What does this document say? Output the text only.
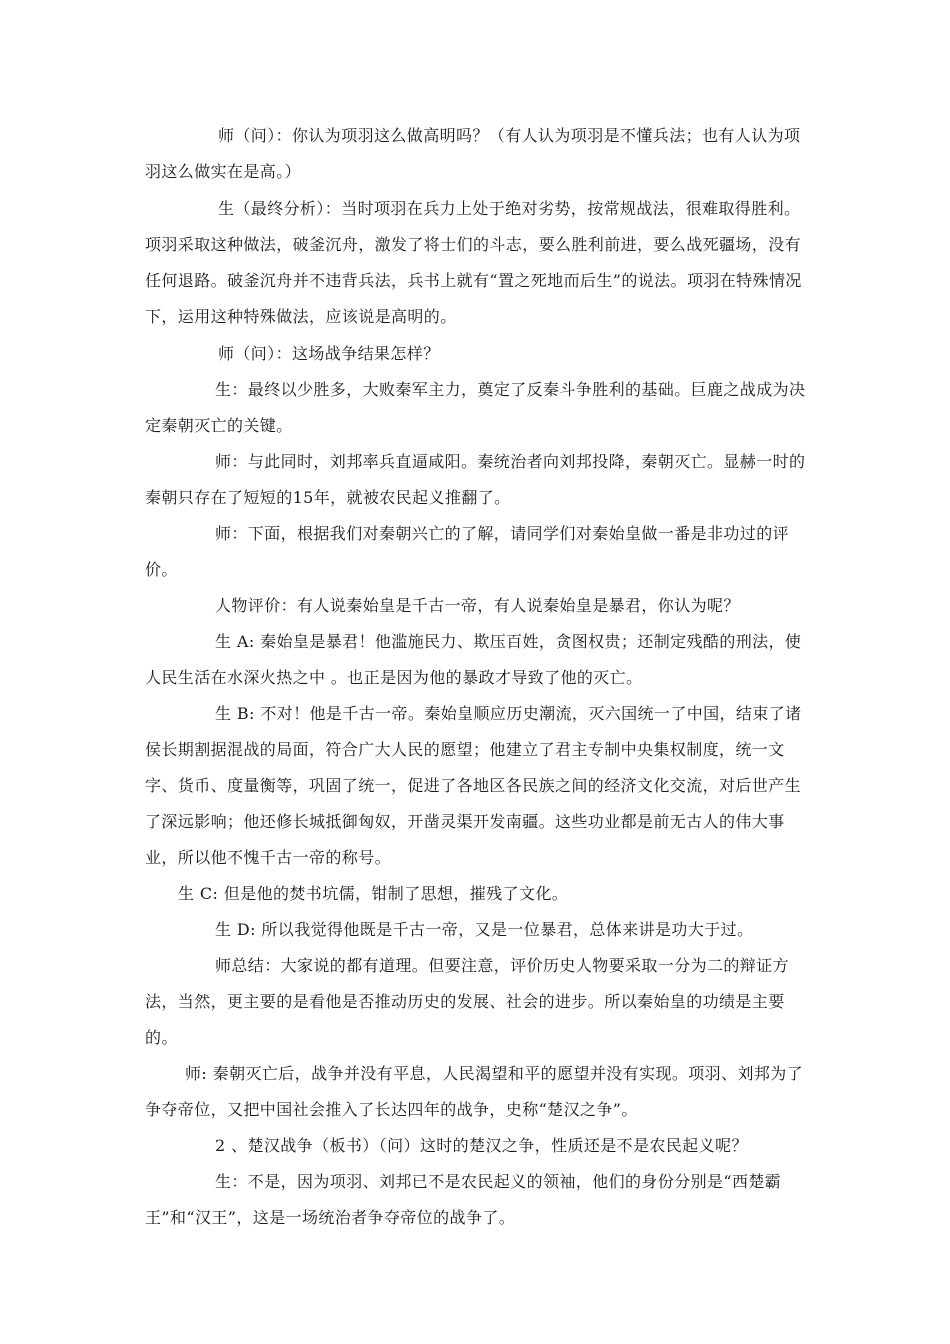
师（问）：你认为项羽这么做高明吗？（有人认为项羽是不懂兵法；也有人认为项羽这么做实在是高。）

生（最终分析）：当时项羽在兵力上处于绝对劣势，按常规战法，很难取得胜利。项羽采取这种做法，破釜沉舟，激发了将士们的斗志，要么胜利前进，要么战死疆场，没有任何退路。破釜沉舟并不违背兵法，兵书上就有“置之死地而后生”的说法。项羽在特殊情况下，运用这种特殊做法，应该说是高明的。

师（问）：这场战争结果怎样？

生：最终以少胜多，大败秦军主力，奠定了反秦斗争胜利的基础。巨鹿之战成为决定秦朝灭亡的关键。

师：与此同时，刘邦率兵直逼咸阳。秦统治者向刘邦投降，秦朝灭亡。显赫一时的秦朝只存在了短短的15年，就被农民起义推翻了。

师：下面，根据我们对秦朝兴亡的了解，请同学们对秦始皇做一番是非功过的评价。

人物评价：有人说秦始皇是千古一帝，有人说秦始皇是暴君，你认为呢？

生 A: 秦始皇是暴君！他滥施民力、欺压百姓，贪图权贵；还制定残酷的刑法，使人民生活在水深火热之中 。也正是因为他的暴政才导致了他的灭亡。

生 B: 不对！他是千古一帝。秦始皇顺应历史潮流，灭六国统一了中国，结束了诸侯长期割据混战的局面，符合广大人民的愿望；他建立了君主专制中央集权制度，统一文字、货币、度量衡等，巩固了统一，促进了各地区各民族之间的经济文化交流，对后世产生了深远影响；他还修长城抵御匈奴，开凿灵渠开发南疆。这些功业都是前无古人的伟大事业，所以他不愧千古一帝的称号。

生 C: 但是他的焚书坑儒，钳制了思想，摧残了文化。

生 D: 所以我觉得他既是千古一帝，又是一位暴君，总体来讲是功大于过。

师总结：大家说的都有道理。但要注意，评价历史人物要采取一分为二的辩证方法，当然，更主要的是看他是否推动历史的发展、社会的进步。所以秦始皇的功绩是主要的。

师: 秦朝灭亡后，战争并没有平息，人民渴望和平的愿望并没有实现。项羽、刘邦为了争夺帝位，又把中国社会推入了长达四年的战争，史称“楚汉之争”。

2 、楚汉战争（板书）（问）这时的楚汉之争，性质还是不是农民起义呢？

生：不是，因为项羽、刘邦已不是农民起义的领袖，他们的身份分别是“西楚霸王”和“汉王”，这是一场统治者争夺帝位的战争了。
